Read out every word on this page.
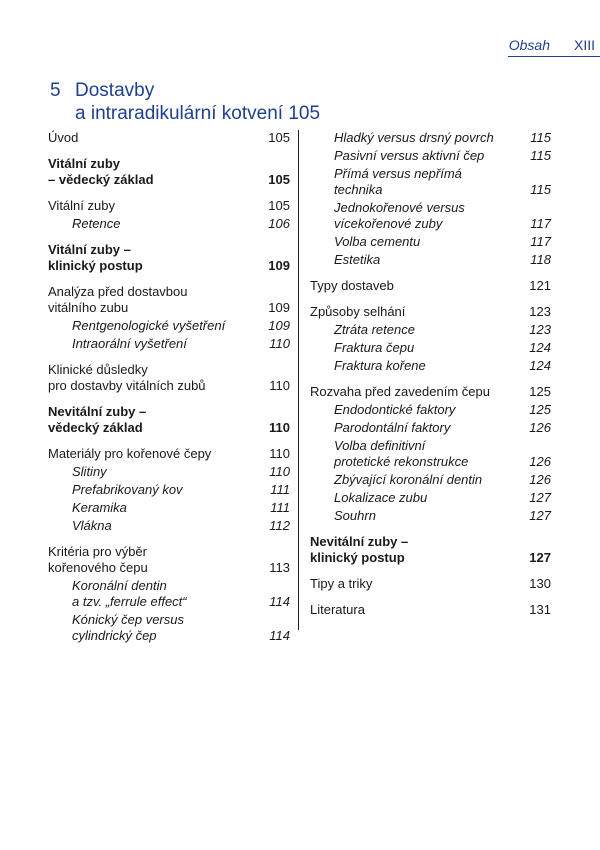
Obsah XIII
5 Dostavby
a intraradikulární kotvení 105
Úvod	105
Vitální zuby
– vědecký základ	105
Vitální zuby	105
Retence	106
Vitální zuby –
klinický postup	109
Analýza před dostavbou
vitálního zubu	109
Rentgenologické vyšetření	109
Intraorální vyšetření	110
Klinické důsledky
pro dostavby vitálních zubů	110
Nevitální zuby –
vědecký základ	110
Materiály pro kořenové čepy	110
Slitiny	110
Prefabrikovaný kov	111
Keramika	111
Vlákna	112
Kritéria pro výběr
kořenového čepu	113
Koronální dentin
a tzv. „ferrule effect“	114
Kónický čep versus
cylindrický čep	114
Hladký versus drsný povrch	115
Pasivní versus aktivní čep	115
Přímá versus nepřímá technika	115
Jednokořenové versus
vícekořenové zuby	117
Volba cementu	117
Estetika	118
Typy dostaveb	121
Způsoby selhání	123
Ztráta retence	123
Fraktura čepu	124
Fraktura kořene	124
Rozvaha před zavedením čepu	125
Endodontické faktory	125
Parodontální faktory	126
Volba definitivní
protetické rekonstrukce	126
Zbývající koronální dentin	126
Lokalizace zubu	127
Souhrn	127
Nevitální zuby –
klinický postup	127
Tipy a triky	130
Literatura	131
